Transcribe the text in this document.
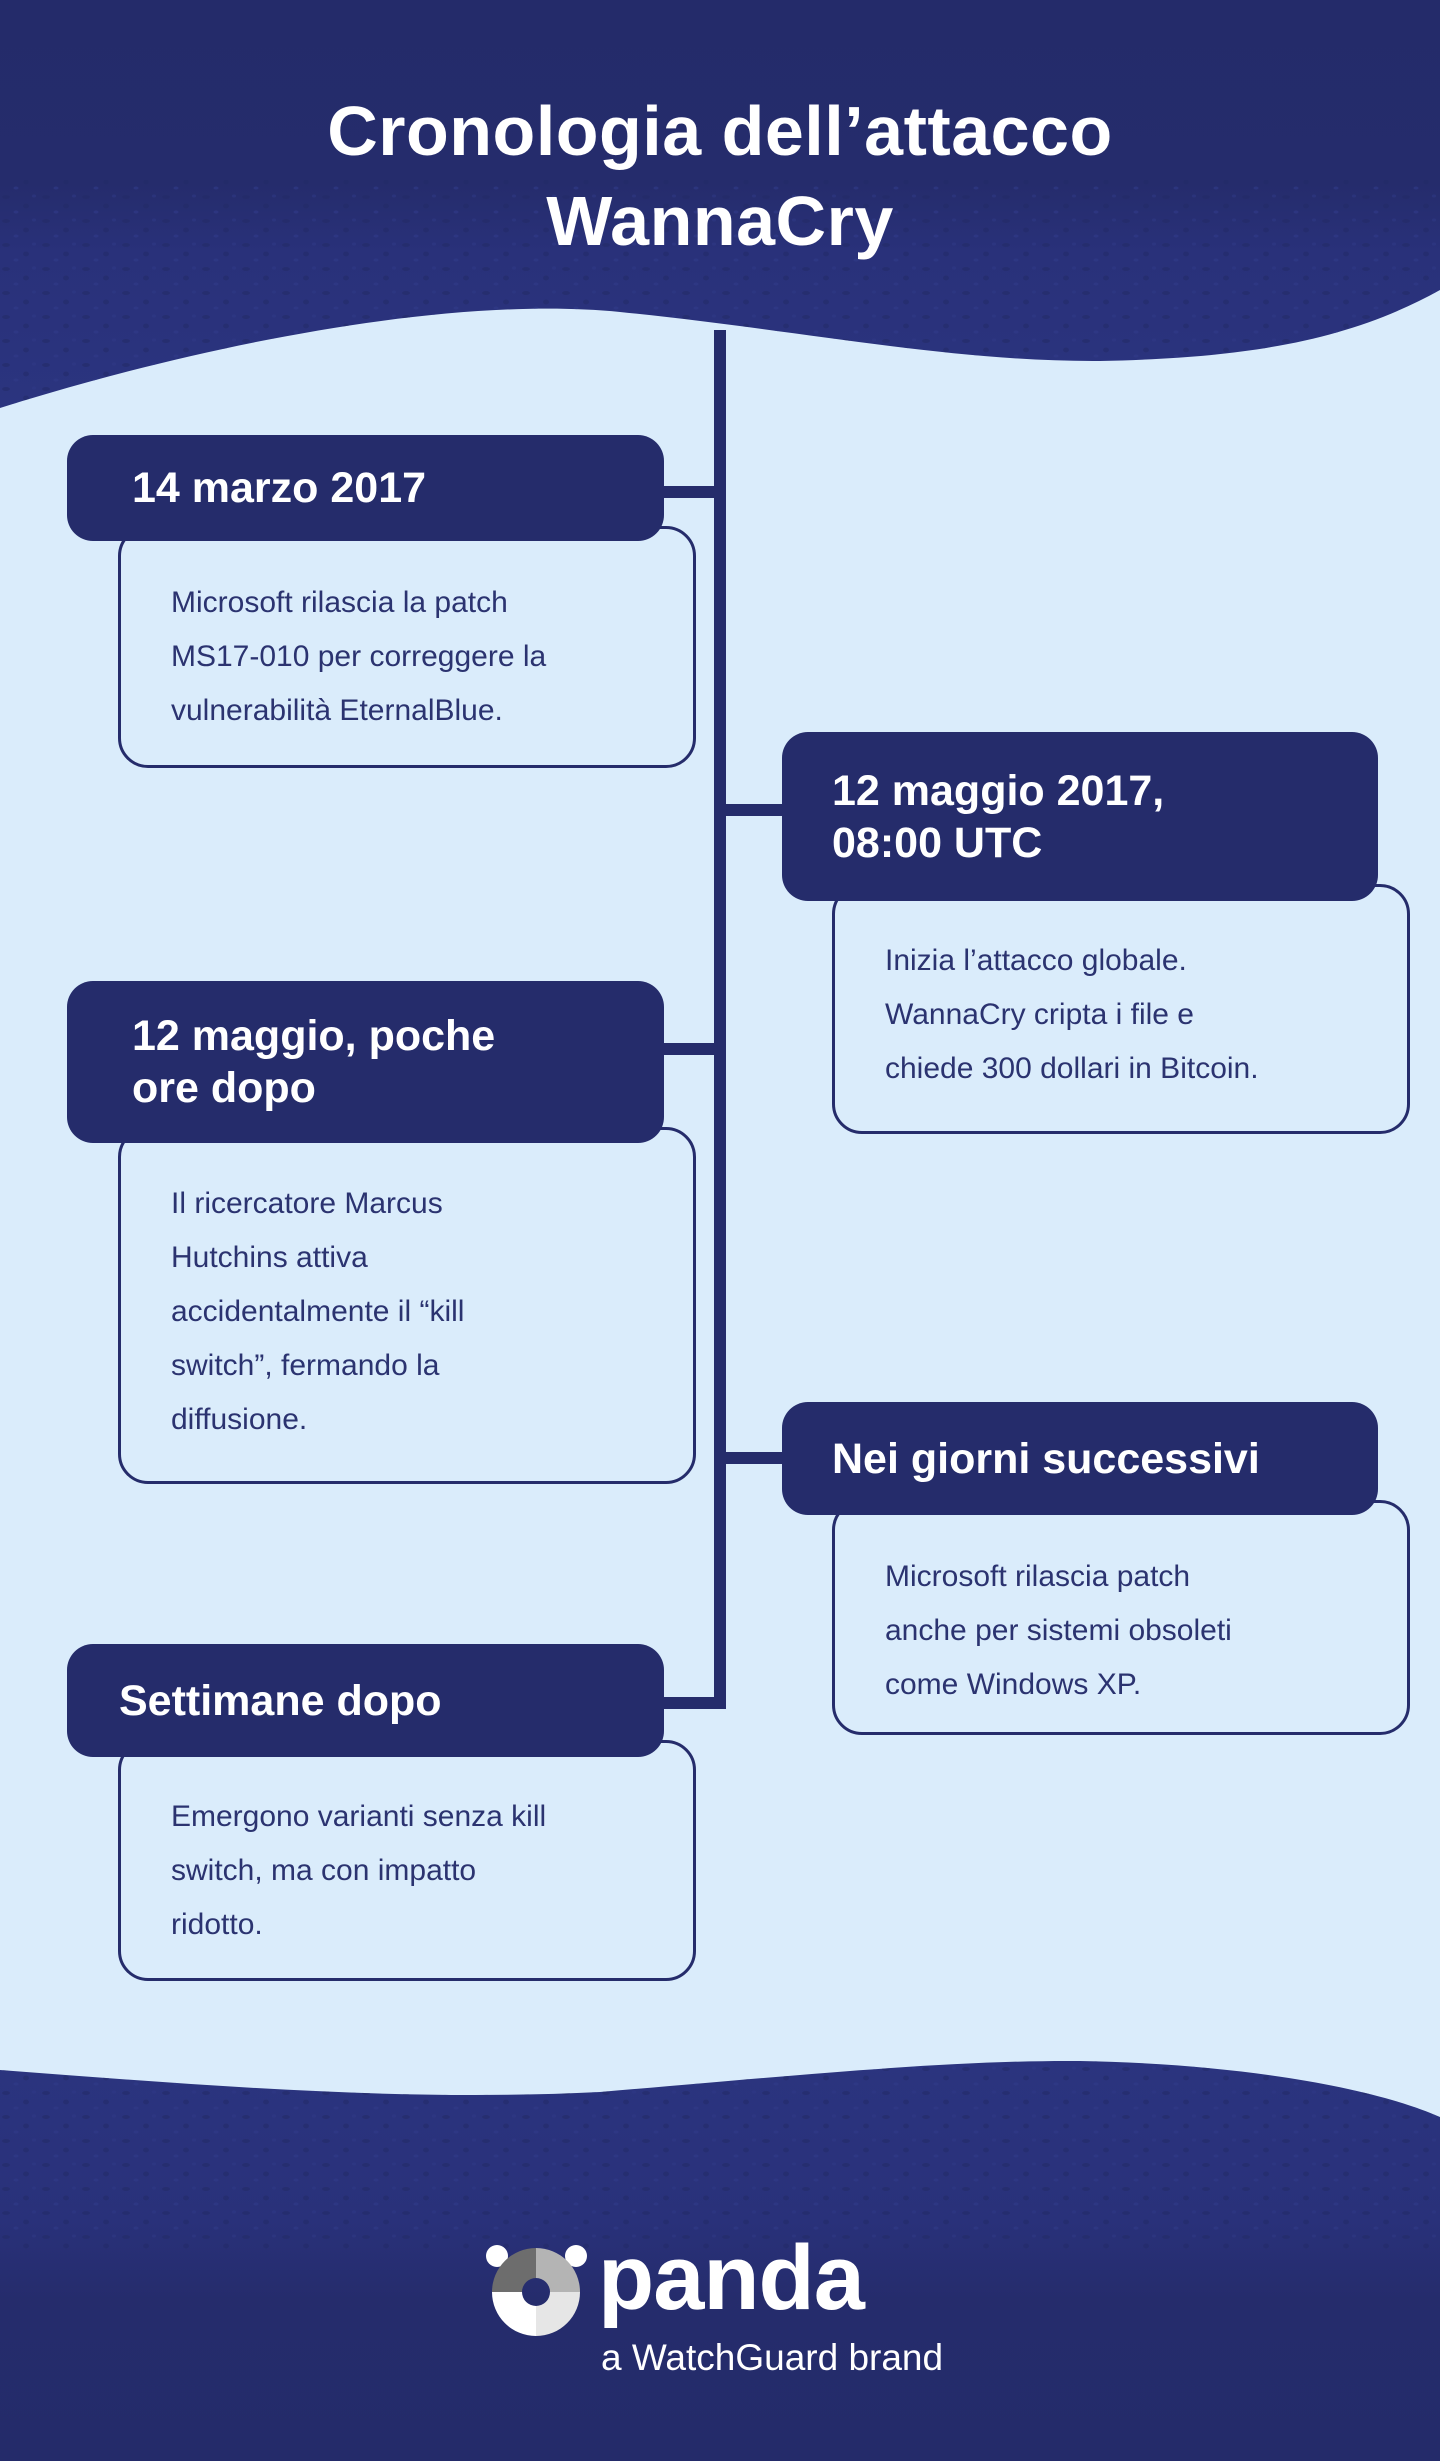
Cronologia dell’attacco
WannaCry
Microsoft rilascia la patch
MS17-010 per correggere la
vulnerabilità EternalBlue.
14 marzo 2017
Inizia l’attacco globale.
WannaCry cripta i file e
chiede 300 dollari in Bitcoin.
12 maggio 2017,
08:00 UTC
Il ricercatore Marcus
Hutchins attiva
accidentalmente il “kill
switch”, fermando la
diffusione.
12 maggio, poche
ore dopo
Microsoft rilascia patch
anche per sistemi obsoleti
come Windows XP.
Nei giorni successivi
Emergono varianti senza kill
switch, ma con impatto
ridotto.
Settimane dopo
panda
a WatchGuard brand
